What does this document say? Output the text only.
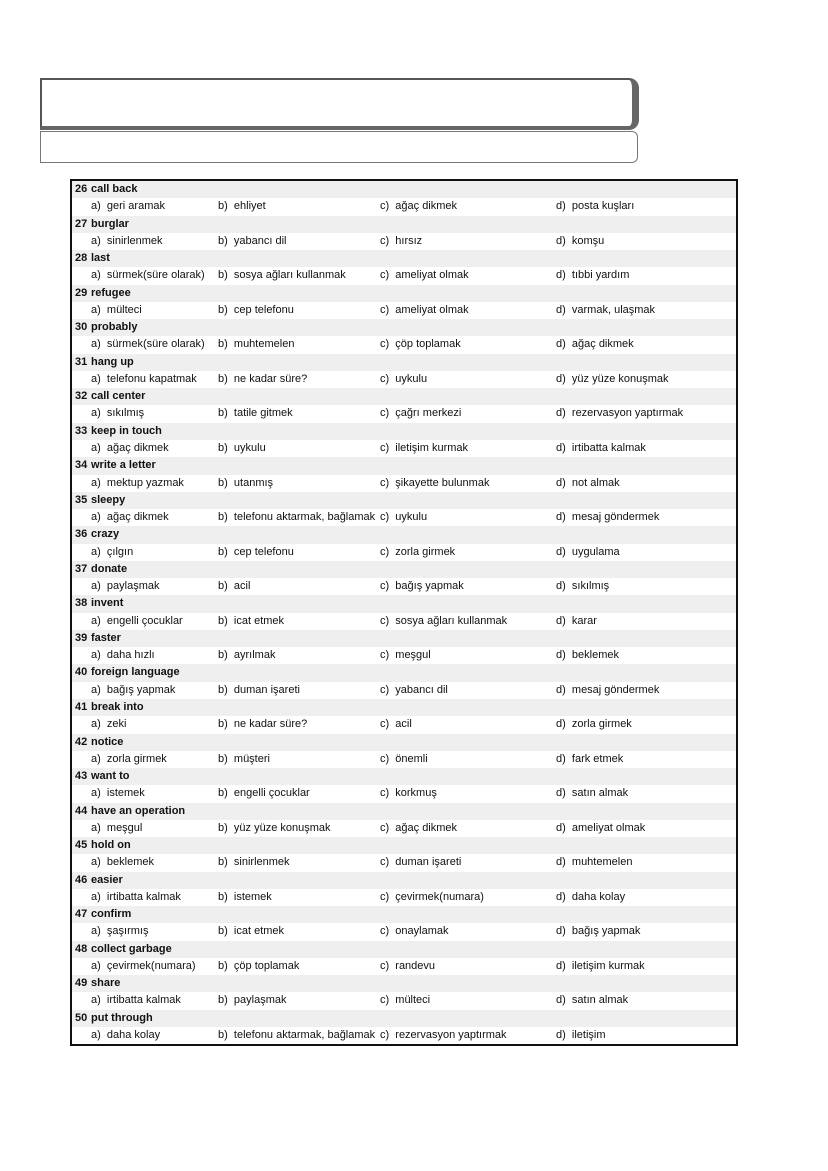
26 call back
a)  geri aramak	b)  ehliyet	c)  ağaç dikmek	d)  posta kuşları
27 burglar
a)  sinirlenmek	b)  yabancı dil	c)  hırsız	d)  komşu
28 last
a)  sürmek(süre olarak) b)  sosya ağları kullanmak	c)  ameliyat olmak	d)  tıbbi yardım
29 refugee
a)  mülteci	b)  cep telefonu	c)  ameliyat olmak	d)  varmak, ulaşmak
30 probably
a)  sürmek(süre olarak) b)  muhtemelen	c)  çöp toplamak	d)  ağaç dikmek
31 hang up
a)  telefonu kapatmak b)  ne kadar süre?	c)  uykulu	d)  yüz yüze konuşmak
32 call center
a)  sıkılmış	b)  tatile gitmek	c)  çağrı merkezi	d)  rezervasyon yaptırmak
33 keep in touch
a)  ağaç dikmek	b)  uykulu	c)  iletişim kurmak	d)  irtibatta kalmak
34 write a letter
a)  mektup yazmak	b)  utanmış	c)  şikayette bulunmak	d)  not almak
35 sleepy
a)  ağaç dikmek	b)  telefonu aktarmak, bağlamak c)  uykulu	d)  mesaj göndermek
36 crazy
a)  çılgın	b)  cep telefonu	c)  zorla girmek	d)  uygulama
37 donate
a)  paylaşmak	b)  acil	c)  bağış yapmak	d)  sıkılmış
38 invent
a)  engelli çocuklar	b)  icat etmek	c)  sosya ağları kullanmak	d)  karar
39 faster
a)  daha hızlı	b)  ayrılmak	c)  meşgul	d)  beklemek
40 foreign language
a)  bağış yapmak	b)  duman işareti	c)  yabancı dil	d)  mesaj göndermek
41 break into
a)  zeki	b)  ne kadar süre?	c)  acil	d)  zorla girmek
42 notice
a)  zorla girmek	b)  müşteri	c)  önemli	d)  fark etmek
43 want to
a)  istemek	b)  engelli çocuklar	c)  korkmuş	d)  satın almak
44 have an operation
a)  meşgul	b)  yüz yüze konuşmak	c)  ağaç dikmek	d)  ameliyat olmak
45 hold on
a)  beklemek	b)  sinirlenmek	c)  duman işareti	d)  muhtemelen
46 easier
a)  irtibatta kalmak	b)  istemek	c)  çevirmek(numara)	d)  daha kolay
47 confirm
a)  şaşırmış	b)  icat etmek	c)  onaylamak	d)  bağış yapmak
48 collect garbage
a)  çevirmek(numara) b)  çöp toplamak	c)  randevu	d)  iletişim kurmak
49 share
a)  irtibatta kalmak	b)  paylaşmak	c)  mülteci	d)  satın almak
50 put through
a)  daha kolay	b)  telefonu aktarmak, bağlamak c)  rezervasyon yaptırmak	d)  iletişim
